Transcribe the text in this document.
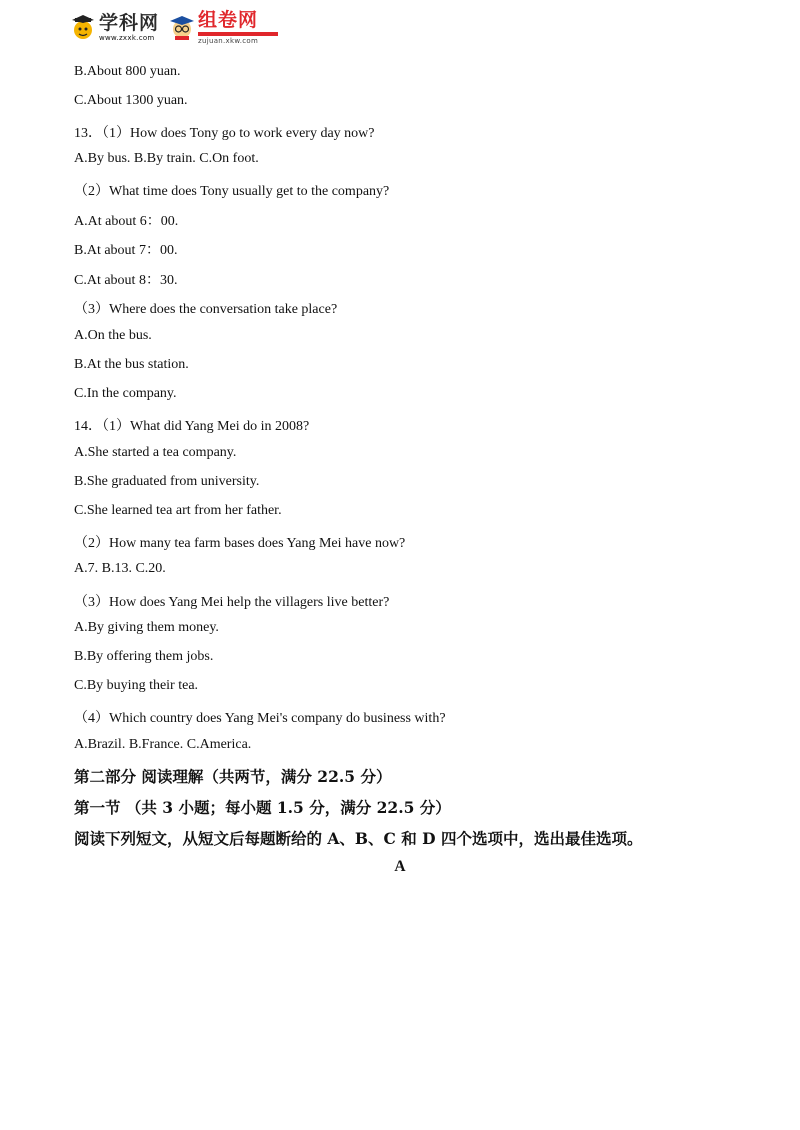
学科网
www.zxxk.com
组卷网
zujuan.xkw.com
B.About 800 yuan.
C.About 1300 yuan.
13．（1）How does Tony go to work every day now?
A.By bus. B.By train. C.On foot.
（2）What time does Tony usually get to the company?
A.At about 6：00.
B.At about 7：00.
C.At about 8：30.
（3）Where does the conversation take place?
A.On the bus.
B.At the bus station.
C.In the company.
14．（1）What did Yang Mei do in 2008?
A.She started a tea company.
B.She graduated from university.
C.She learned tea art from her father.
（2）How many tea farm bases does Yang Mei have now?
A.7. B.13. C.20.
（3）How does Yang Mei help the villagers live better?
A.By giving them money.
B.By offering them jobs.
C.By buying their tea.
（4）Which country does Yang Mei's company do business with?
A.Brazil. B.France. C.America.
第二部分 阅读理解（共两节，满分 22.5 分）
第一节 （共 3 小题；每小题 1.5 分，满分 22.5 分）
阅读下列短文，从短文后每题断给的 A、B、C 和 D 四个选项中，选出最佳选项。
A
